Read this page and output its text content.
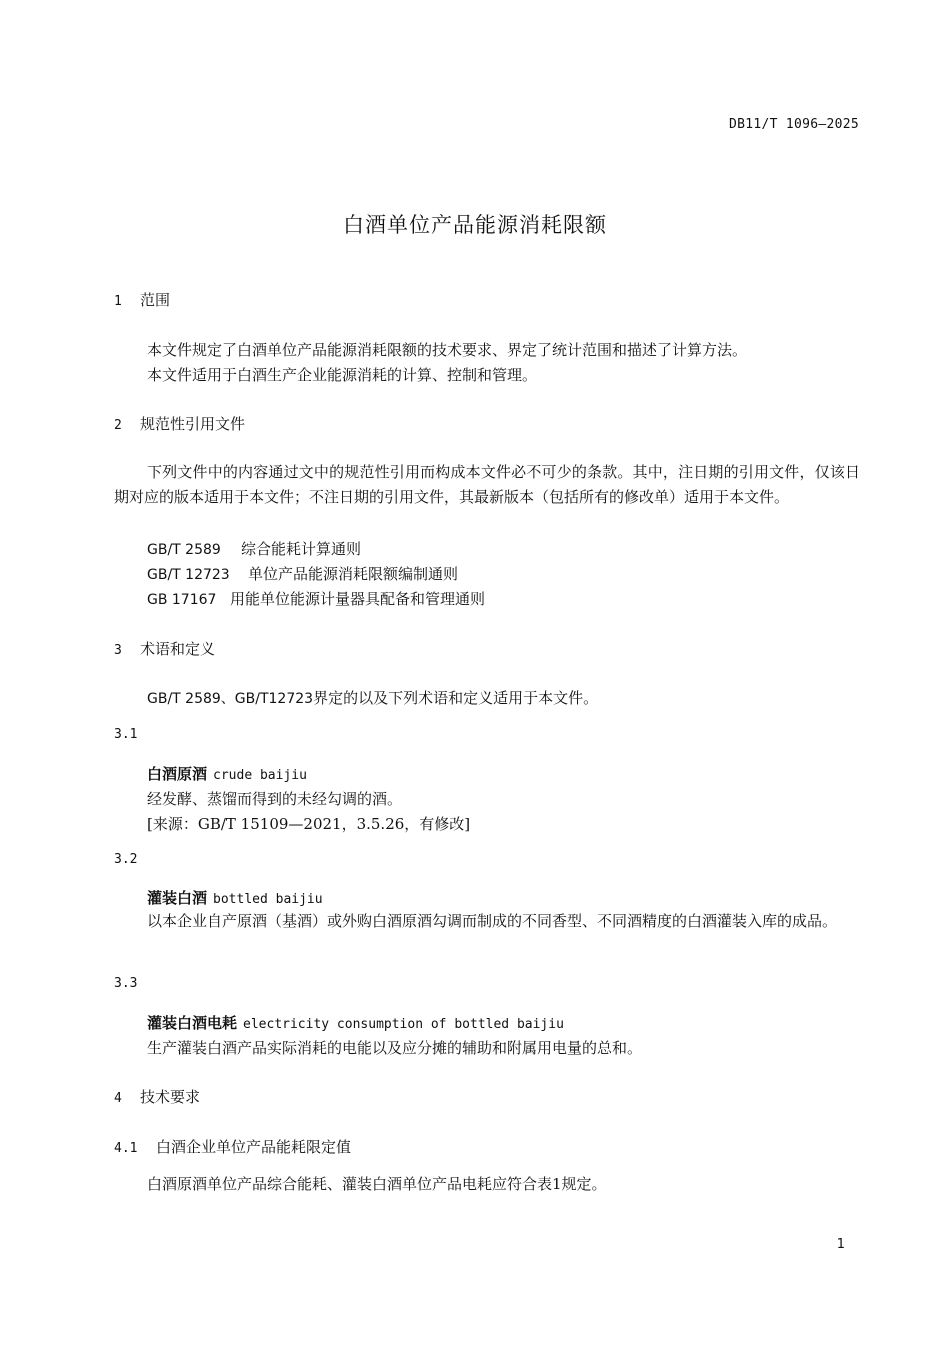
DB11/T 1096—2025
白酒单位产品能源消耗限额
1 范围
本文件规定了白酒单位产品能源消耗限额的技术要求、界定了统计范围和描述了计算方法。
本文件适用于白酒生产企业能源消耗的计算、控制和管理。
2 规范性引用文件
下列文件中的内容通过文中的规范性引用而构成本文件必不可少的条款。其中，注日期的引用文件，仅该日期对应的版本适用于本文件；不注日期的引用文件，其最新版本（包括所有的修改单）适用于本文件。
GB/T 2589 综合能耗计算通则
GB/T 12723 单位产品能源消耗限额编制通则
GB 17167 用能单位能源计量器具配备和管理通则
3 术语和定义
GB/T 2589、GB/T12723界定的以及下列术语和定义适用于本文件。
3.1
白酒原酒 crude baijiu
经发酵、蒸馏而得到的未经勾调的酒。
[来源：GB/T 15109—2021，3.5.26，有修改]
3.2
灌装白酒 bottled baijiu
以本企业自产原酒（基酒）或外购白酒原酒勾调而制成的不同香型、不同酒精度的白酒灌装入库的成品。
3.3
灌装白酒电耗 electricity consumption of bottled baijiu
生产灌装白酒产品实际消耗的电能以及应分摊的辅助和附属用电量的总和。
4 技术要求
4.1 白酒企业单位产品能耗限定值
白酒原酒单位产品综合能耗、灌装白酒单位产品电耗应符合表1规定。
1
